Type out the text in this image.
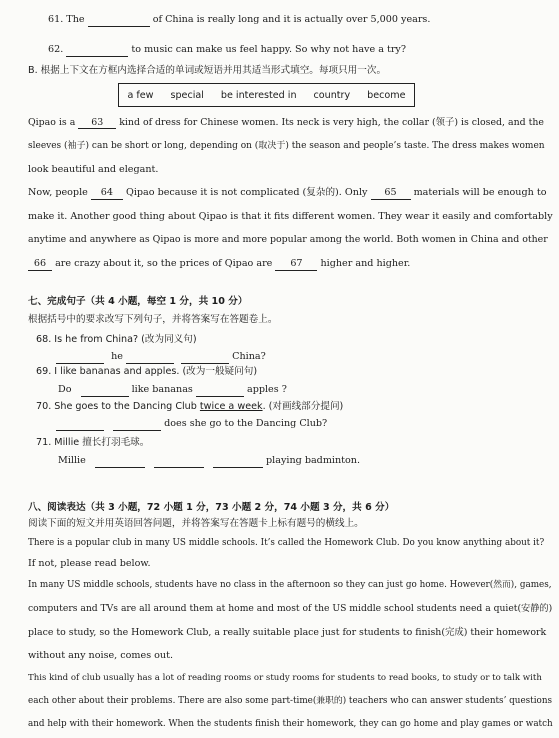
61. The	of China is really long and it is actually over 5,000 years.
62.	to music can make us feel happy. So why not have a try?
B. 根据上下文在方框内选择合适的单词或短语并用其适当形式填空。每项只用一次。
a few special be interested in country become
Qipao is a 63 kind of dress for Chinese women. Its neck is very high, the collar (领子) is closed, and the
sleeves (袖子) can be short or long, depending on (取决于) the season and people’s taste. The dress makes women
look beautiful and elegant.
Now, people 64 Qipao because it is not complicated (复杂的). Only 65 materials will be enough to
make it. Another good thing about Qipao is that it fits different women. They wear it easily and comfortably
anytime and anywhere as Qipao is more and more popular among the world. Both women in China and other
66 are crazy about it, so the prices of Qipao are 67 higher and higher.
七、完成句子（共 4 小题，每空 1 分，共 10 分）
根据括号中的要求改写下列句子，并将答案写在答题卷上。
68. Is he from China? (改为同义句)
he	China?
69. I like bananas and apples. (改为一般疑问句)
Do	like bananas	apples ?
70. She goes to the Dancing Club twice a week. (对画线部分提问)
does she go to the Dancing Club?
71. Millie 擅长打羽毛球。
Millie	playing badminton.
八、阅读表达（共 3 小题，72 小题 1 分，73 小题 2 分，74 小题 3 分，共 6 分）
阅读下面的短文并用英语回答问题，并将答案写在答题卡上标有题号的横线上。
There is a popular club in many US middle schools. It’s called the Homework Club. Do you know anything about it?
If not, please read below.
In many US middle schools, students have no class in the afternoon so they can just go home. However(然而), games,
computers and TVs are all around them at home and most of the US middle school students need a quiet(安静的)
place to study, so the Homework Club, a really suitable place just for students to finish(完成) their homework
without any noise, comes out.
This kind of club usually has a lot of reading rooms or study rooms for students to read books, to study or to talk with
each other about their problems. There are also some part-time(兼职的) teachers who can answer students’ questions
and help with their homework. When the students finish their homework, they can go home and play games or watch
